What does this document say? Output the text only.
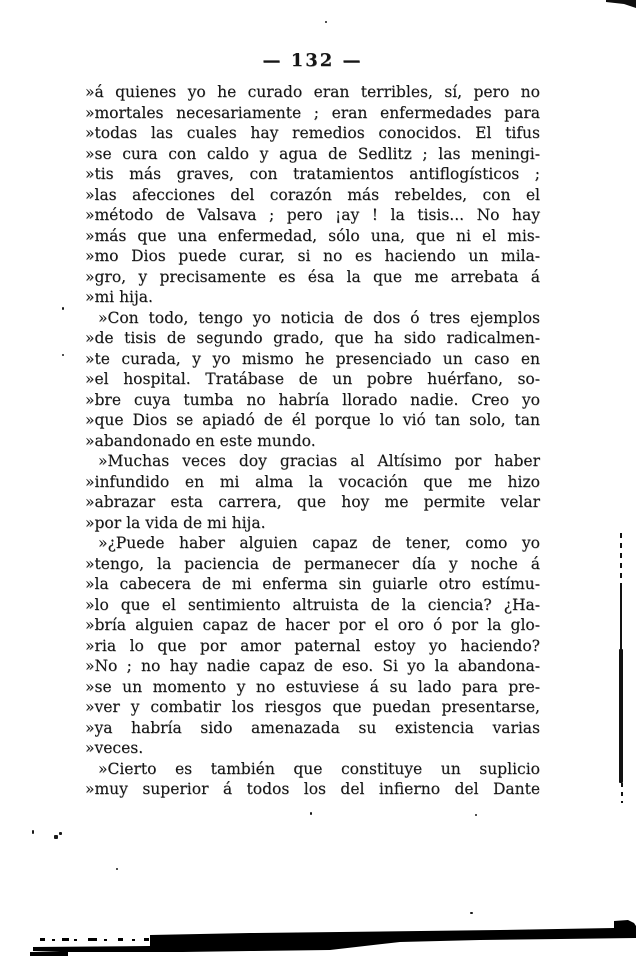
— 132 —
»á quienes yo he curado eran terribles, sí, pero no
»mortales necesariamente ; eran enfermedades para
»todas las cuales hay remedios conocidos. El tifus
»se cura con caldo y agua de Sedlitz ; las meningi-
»tis más graves, con tratamientos antiflogísticos ;
»las afecciones del corazón más rebeldes, con el
»método de Valsava ; pero ¡ay ! la tisis... No hay
»más que una enfermedad, sólo una, que ni el mis-
»mo Dios puede curar, si no es haciendo un mila-
»gro, y precisamente es ésa la que me arrebata á
»mi hija.
»Con todo, tengo yo noticia de dos ó tres ejemplos
»de tisis de segundo grado, que ha sido radicalmen-
»te curada, y yo mismo he presenciado un caso en
»el hospital. Tratábase de un pobre huérfano, so-
»bre cuya tumba no habría llorado nadie. Creo yo
»que Dios se apiadó de él porque lo vió tan solo, tan
»abandonado en este mundo.
»Muchas veces doy gracias al Altísimo por haber
»infundido en mi alma la vocación que me hizo
»abrazar esta carrera, que hoy me permite velar
»por la vida de mi hija.
»¿Puede haber alguien capaz de tener, como yo
»tengo, la paciencia de permanecer día y noche á
»la cabecera de mi enferma sin guiarle otro estímu-
»lo que el sentimiento altruista de la ciencia? ¿Ha-
»bría alguien capaz de hacer por el oro ó por la glo-
»ria lo que por amor paternal estoy yo haciendo?
»No ; no hay nadie capaz de eso. Si yo la abandona-
»se un momento y no estuviese á su lado para pre-
»ver y combatir los riesgos que puedan presentarse,
»ya habría sido amenazada su existencia varias
»veces.
»Cierto es también que constituye un suplicio
»muy superior á todos los del infierno del Dante
